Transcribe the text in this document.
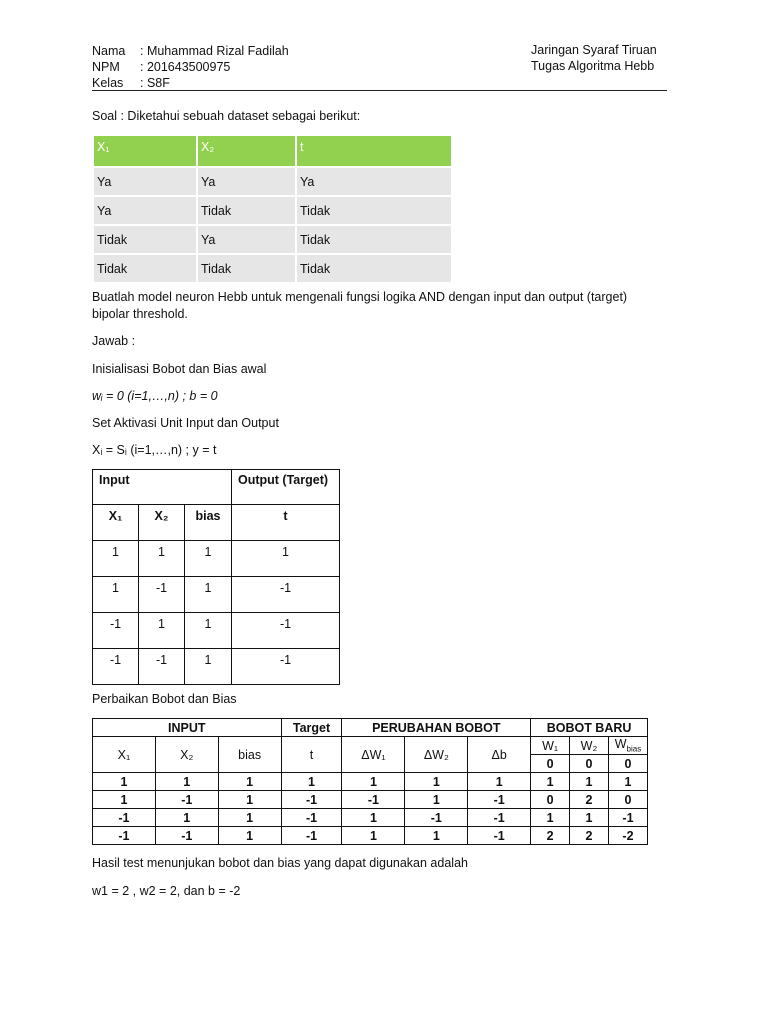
Nama : Muhammad Rizal Fadilah
NPM : 201643500975
Kelas : S8F
Jaringan Syaraf Tiruan
Tugas Algoritma Hebb

Soal : Diketahui sebuah dataset sebagai berikut:

X₁	X₂	t
Ya	Ya	Ya
Ya	Tidak	Tidak
Tidak	Ya	Tidak
Tidak	Tidak	Tidak

Buatlah model neuron Hebb untuk mengenali fungsi logika AND dengan input dan output (target)

bipolar threshold.

Jawab :

Inisialisasi Bobot dan Bias awal

wᵢ = 0 (i=1,…,n) ; b = 0

Set Aktivasi Unit Input dan Output

Xᵢ = Sᵢ (i=1,…,n) ; y = t

Input			Output (Target)
X₁	X₂	bias	t
1	1	1	1
1	-1	1	-1
-1	1	1	-1
-1	-1	1	-1

Perbaikan Bobot dan Bias

INPUT			Target	PERUBAHAN BOBOT			BOBOT BARU		
X₁	X₂	bias	t	ΔW₁	ΔW₂	Δb	W₁	W₂	$W_{bias}$
							0	0	0
1	1	1	1	1	1	1	1	1	1
1	-1	1	-1	-1	1	-1	0	2	0
-1	1	1	-1	1	-1	-1	1	1	-1
-1	-1	1	-1	1	1	-1	2	2	-2

Hasil test menunjukan bobot dan bias yang dapat digunakan adalah

w1 = 2 , w2 = 2, dan b = -2
